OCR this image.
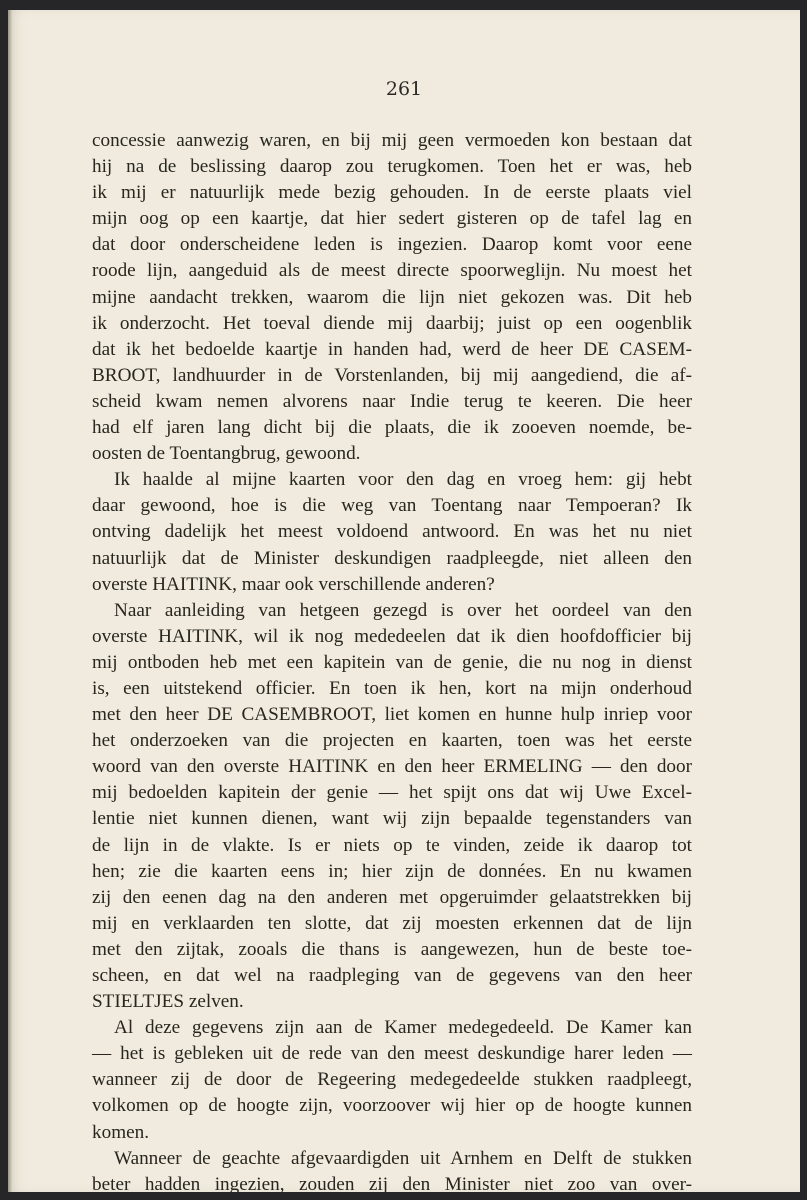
261

concessie aanwezig waren, en bij mij geen vermoeden kon bestaan dat
hij na de beslissing daarop zou terugkomen. Toen het er was, heb
ik mij er natuurlijk mede bezig gehouden. In de eerste plaats viel
mijn oog op een kaartje, dat hier sedert gisteren op de tafel lag en
dat door onderscheidene leden is ingezien. Daarop komt voor eene
roode lijn, aangeduid als de meest directe spoorweglijn. Nu moest het
mijne aandacht trekken, waarom die lijn niet gekozen was. Dit heb
ik onderzocht. Het toeval diende mij daarbij; juist op een oogenblik
dat ik het bedoelde kaartje in handen had, werd de heer DE CASEM-
BROOT, landhuurder in de Vorstenlanden, bij mij aangediend, die af-
scheid kwam nemen alvorens naar Indie terug te keeren. Die heer
had elf jaren lang dicht bij die plaats, die ik zooeven noemde, be-
oosten de Toentangbrug, gewoond.
Ik haalde al mijne kaarten voor den dag en vroeg hem: gij hebt
daar gewoond, hoe is die weg van Toentang naar Tempoeran? Ik
ontving dadelijk het meest voldoend antwoord. En was het nu niet
natuurlijk dat de Minister deskundigen raadpleegde, niet alleen den
overste HAITINK, maar ook verschillende anderen?
Naar aanleiding van hetgeen gezegd is over het oordeel van den
overste HAITINK, wil ik nog mededeelen dat ik dien hoofdofficier bij
mij ontboden heb met een kapitein van de genie, die nu nog in dienst
is, een uitstekend officier. En toen ik hen, kort na mijn onderhoud
met den heer DE CASEMBROOT, liet komen en hunne hulp inriep voor
het onderzoeken van die projecten en kaarten, toen was het eerste
woord van den overste HAITINK en den heer ERMELING — den door
mij bedoelden kapitein der genie — het spijt ons dat wij Uwe Excel-
lentie niet kunnen dienen, want wij zijn bepaalde tegenstanders van
de lijn in de vlakte. Is er niets op te vinden, zeide ik daarop tot
hen; zie die kaarten eens in; hier zijn de données. En nu kwamen
zij den eenen dag na den anderen met opgeruimder gelaatstrekken bij
mij en verklaarden ten slotte, dat zij moesten erkennen dat de lijn
met den zijtak, zooals die thans is aangewezen, hun de beste toe-
scheen, en dat wel na raadpleging van de gegevens van den heer
STIELTJES zelven.
Al deze gegevens zijn aan de Kamer medegedeeld. De Kamer kan
— het is gebleken uit de rede van den meest deskundige harer leden —
wanneer zij de door de Regeering medegedeelde stukken raadpleegt,
volkomen op de hoogte zijn, voorzoover wij hier op de hoogte kunnen
komen.
Wanneer de geachte afgevaardigden uit Arnhem en Delft de stukken
beter hadden ingezien, zouden zij den Minister niet zoo van over-
